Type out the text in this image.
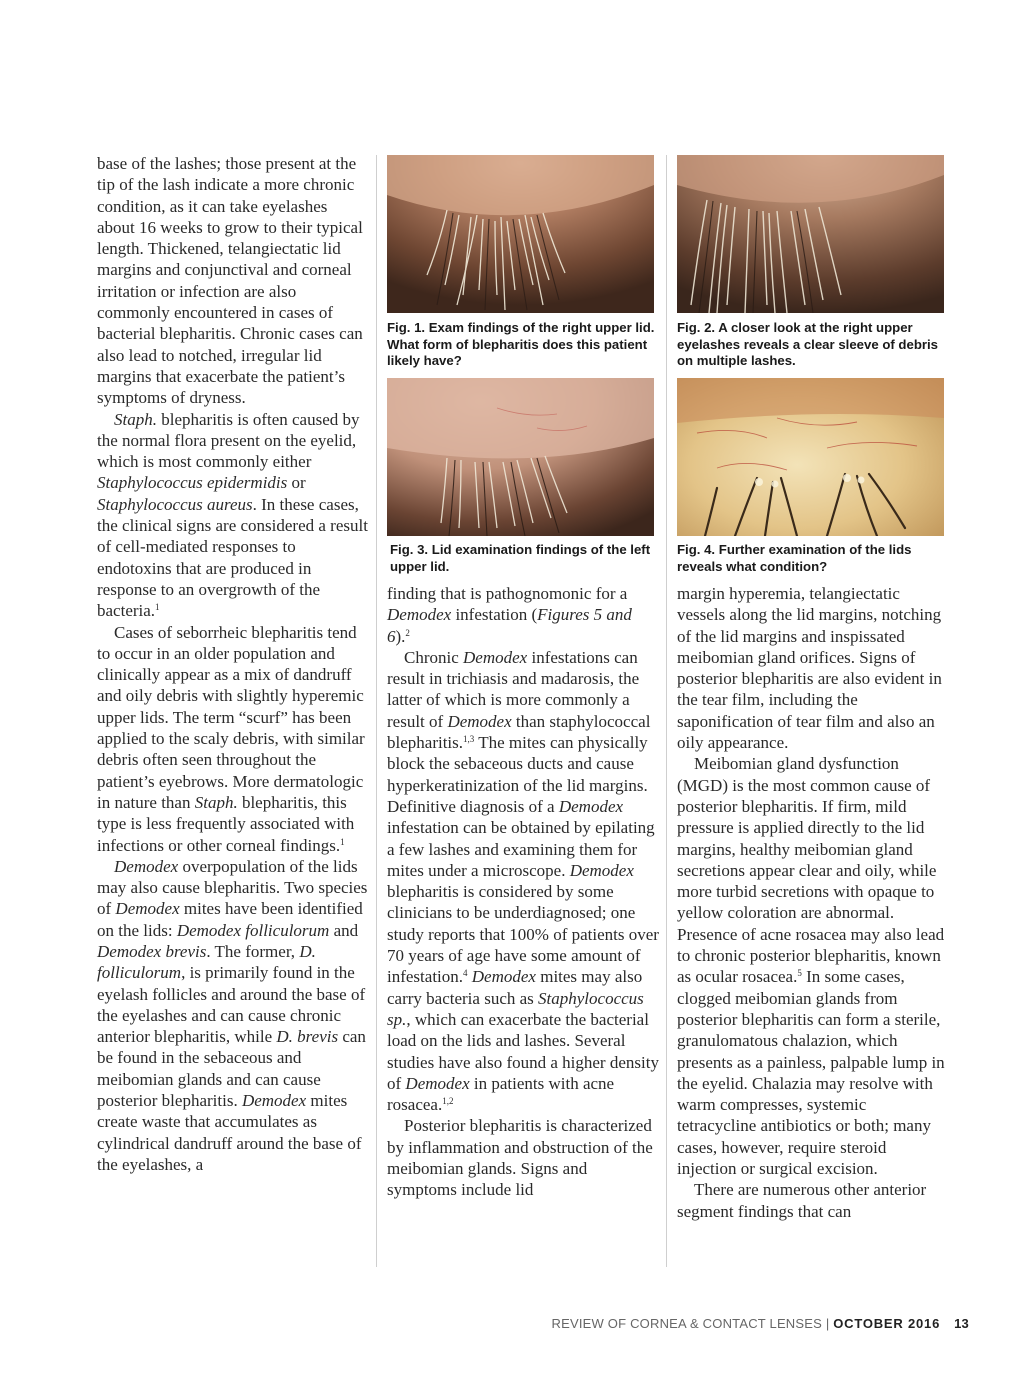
base of the lashes; those present at the tip of the lash indicate a more chronic condition, as it can take eyelashes about 16 weeks to grow to their typical length. Thickened, telangiectatic lid margins and conjunctival and corneal irritation or infection are also commonly encountered in cases of bacterial blepharitis. Chronic cases can also lead to notched, irregular lid margins that exacerbate the patient’s symptoms of dryness.

Staph. blepharitis is often caused by the normal flora present on the eyelid, which is most commonly either Staphylococcus epidermidis or Staphylococcus aureus. In these cases, the clinical signs are considered a result of cell-mediated responses to endotoxins that are produced in response to an overgrowth of the bacteria.$^1$

Cases of seborrheic blepharitis tend to occur in an older population and clinically appear as a mix of dandruff and oily debris with slightly hyperemic upper lids. The term “scurf” has been applied to the scaly debris, with similar debris often seen throughout the patient’s eyebrows. More dermatologic in nature than Staph. blepharitis, this type is less frequently associated with infections or other corneal findings.$^1$

Demodex overpopulation of the lids may also cause blepharitis. Two species of Demodex mites have been identified on the lids: Demodex folliculorum and Demodex brevis. The former, D. folliculorum, is primarily found in the eyelash follicles and around the base of the eyelashes and can cause chronic anterior blepharitis, while D. brevis can be found in the sebaceous and meibomian glands and can cause posterior blepharitis. Demodex mites create waste that accumulates as cylindrical dandruff around the base of the eyelashes, a

Fig. 1. Exam findings of the right upper lid. What form of blepharitis does this patient likely have?
Fig. 2. A closer look at the right upper eyelashes reveals a clear sleeve of debris on multiple lashes.
Fig. 3. Lid examination findings of the left upper lid.
Fig. 4. Further examination of the lids reveals what condition?

finding that is pathognomonic for a Demodex infestation (Figures 5 and 6).$^2$

Chronic Demodex infestations can result in trichiasis and madarosis, the latter of which is more commonly a result of Demodex than staphylococcal blepharitis.$^{1,3}$ The mites can physically block the sebaceous ducts and cause hyperkeratinization of the lid margins. Definitive diagnosis of a Demodex infestation can be obtained by epilating a few lashes and examining them for mites under a microscope. Demodex blepharitis is considered by some clinicians to be underdiagnosed; one study reports that 100% of patients over 70 years of age have some amount of infestation.$^4$ Demodex mites may also carry bacteria such as Staphylococcus sp., which can exacerbate the bacterial load on the lids and lashes. Several studies have also found a higher density of Demodex in patients with acne rosacea.$^{1,2}$

Posterior blepharitis is characterized by inflammation and obstruction of the meibomian glands. Signs and symptoms include lid

margin hyperemia, telangiectatic vessels along the lid margins, notching of the lid margins and inspissated meibomian gland orifices. Signs of posterior blepharitis are also evident in the tear film, including the saponification of tear film and also an oily appearance.

Meibomian gland dysfunction (MGD) is the most common cause of posterior blepharitis. If firm, mild pressure is applied directly to the lid margins, healthy meibomian gland secretions appear clear and oily, while more turbid secretions with opaque to yellow coloration are abnormal. Presence of acne rosacea may also lead to chronic posterior blepharitis, known as ocular rosacea.$^5$ In some cases, clogged meibomian glands from posterior blepharitis can form a sterile, granulomatous chalazion, which presents as a painless, palpable lump in the eyelid. Chalazia may resolve with warm compresses, systemic tetracycline antibiotics or both; many cases, however, require steroid injection or surgical excision.

There are numerous other anterior segment findings that can

REVIEW OF CORNEA & CONTACT LENSES | OCTOBER 2016 13
